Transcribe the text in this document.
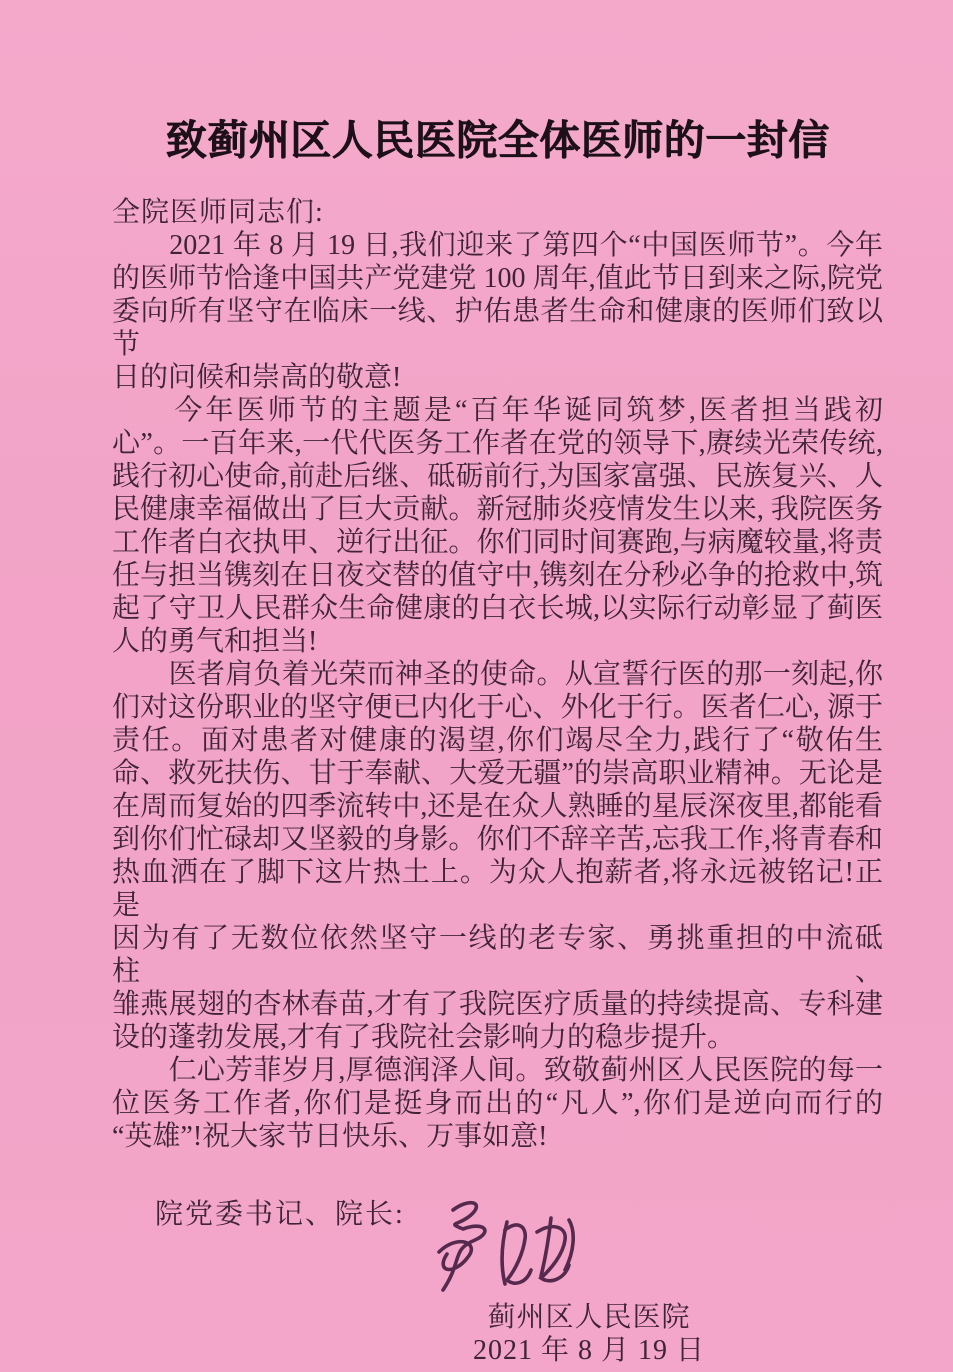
致蓟州区人民医院全体医师的一封信
全院医师同志们:
　　2021 年 8 月 19 日,我们迎来了第四个“中国医师节”。今年
的医师节恰逢中国共产党建党 100 周年,值此节日到来之际,院党
委向所有坚守在临床一线、护佑患者生命和健康的医师们致以节
日的问候和崇高的敬意!
　　今年医师节的主题是“百年华诞同筑梦,医者担当践初
心”。一百年来,一代代医务工作者在党的领导下,赓续光荣传统,
践行初心使命,前赴后继、砥砺前行,为国家富强、民族复兴、人
民健康幸福做出了巨大贡献。新冠肺炎疫情发生以来, 我院医务
工作者白衣执甲、逆行出征。你们同时间赛跑,与病魔较量,将责
任与担当镌刻在日夜交替的值守中,镌刻在分秒必争的抢救中,筑
起了守卫人民群众生命健康的白衣长城,以实际行动彰显了蓟医
人的勇气和担当!
　　医者肩负着光荣而神圣的使命。从宣誓行医的那一刻起,你
们对这份职业的坚守便已内化于心、外化于行。医者仁心, 源于
责任。面对患者对健康的渴望,你们竭尽全力,践行了“敬佑生
命、救死扶伤、甘于奉献、大爱无疆”的崇高职业精神。无论是
在周而复始的四季流转中,还是在众人熟睡的星辰深夜里,都能看
到你们忙碌却又坚毅的身影。你们不辞辛苦,忘我工作,将青春和
热血洒在了脚下这片热土上。为众人抱薪者,将永远被铭记!正是
因为有了无数位依然坚守一线的老专家、勇挑重担的中流砥柱、
雏燕展翅的杏林春苗,才有了我院医疗质量的持续提高、专科建
设的蓬勃发展,才有了我院社会影响力的稳步提升。
　　仁心芳菲岁月,厚德润泽人间。致敬蓟州区人民医院的每一
位医务工作者,你们是挺身而出的“凡人”,你们是逆向而行的
“英雄”!祝大家节日快乐、万事如意!
院党委书记、院长:
蓟州区人民医院
2021 年 8 月 19 日
